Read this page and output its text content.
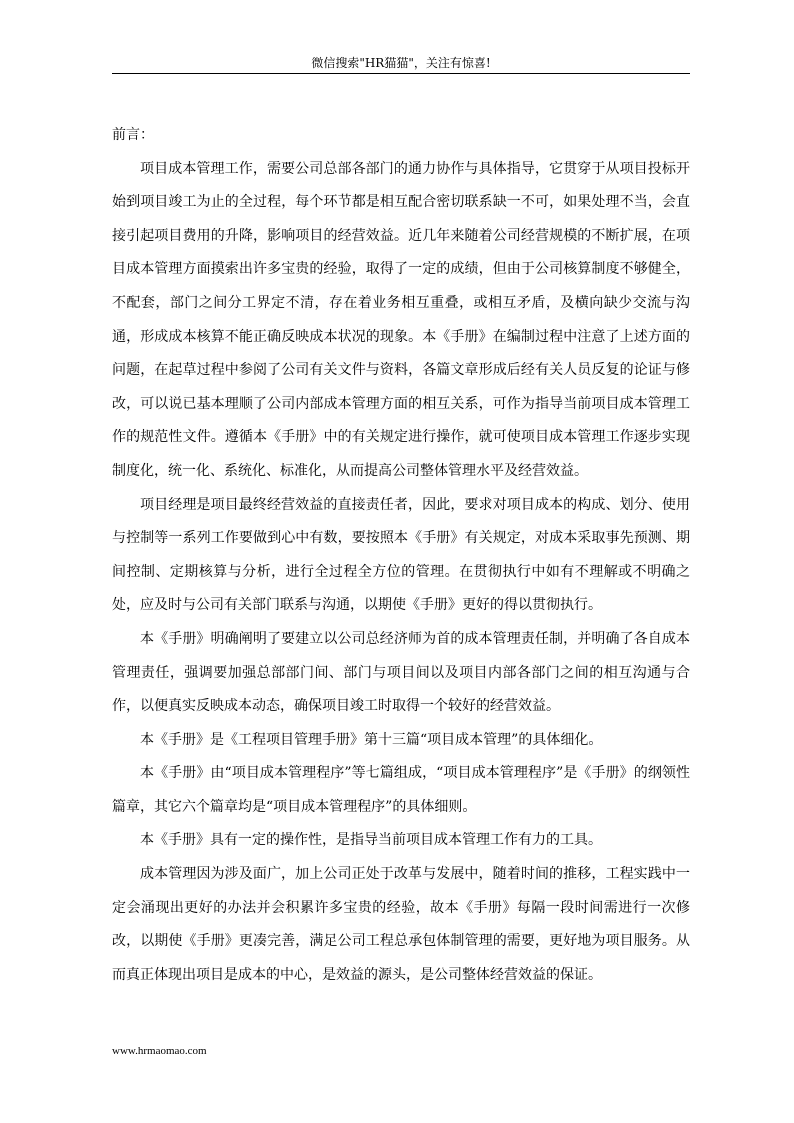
微信搜索"HR猫猫"，关注有惊喜!

前言：

项目成本管理工作，需要公司总部各部门的通力协作与具体指导，它贯穿于从项目投标开始到项目竣工为止的全过程，每个环节都是相互配合密切联系缺一不可，如果处理不当，会直接引起项目费用的升降，影响项目的经营效益。近几年来随着公司经营规模的不断扩展，在项目成本管理方面摸索出许多宝贵的经验，取得了一定的成绩，但由于公司核算制度不够健全，不配套，部门之间分工界定不清，存在着业务相互重叠，或相互矛盾，及横向缺少交流与沟通，形成成本核算不能正确反映成本状况的现象。本《手册》在编制过程中注意了上述方面的问题，在起草过程中参阅了公司有关文件与资料，各篇文章形成后经有关人员反复的论证与修改，可以说已基本理顺了公司内部成本管理方面的相互关系，可作为指导当前项目成本管理工作的规范性文件。遵循本《手册》中的有关规定进行操作，就可使项目成本管理工作逐步实现制度化，统一化、系统化、标准化，从而提高公司整体管理水平及经营效益。

项目经理是项目最终经营效益的直接责任者，因此，要求对项目成本的构成、划分、使用与控制等一系列工作要做到心中有数，要按照本《手册》有关规定，对成本采取事先预测、期间控制、定期核算与分析，进行全过程全方位的管理。在贯彻执行中如有不理解或不明确之处，应及时与公司有关部门联系与沟通，以期使《手册》更好的得以贯彻执行。

本《手册》明确阐明了要建立以公司总经济师为首的成本管理责任制，并明确了各自成本管理责任，强调要加强总部部门间、部门与项目间以及项目内部各部门之间的相互沟通与合作，以便真实反映成本动态，确保项目竣工时取得一个较好的经营效益。

本《手册》是《工程项目管理手册》第十三篇“项目成本管理”的具体细化。

本《手册》由“项目成本管理程序”等七篇组成，“项目成本管理程序”是《手册》的纲领性篇章，其它六个篇章均是“项目成本管理程序”的具体细则。

本《手册》具有一定的操作性，是指导当前项目成本管理工作有力的工具。

成本管理因为涉及面广，加上公司正处于改革与发展中，随着时间的推移，工程实践中一定会涌现出更好的办法并会积累许多宝贵的经验，故本《手册》每隔一段时间需进行一次修改，以期使《手册》更凑完善，满足公司工程总承包体制管理的需要，更好地为项目服务。从而真正体现出项目是成本的中心，是效益的源头，是公司整体经营效益的保证。

www.hrmaomao.com
